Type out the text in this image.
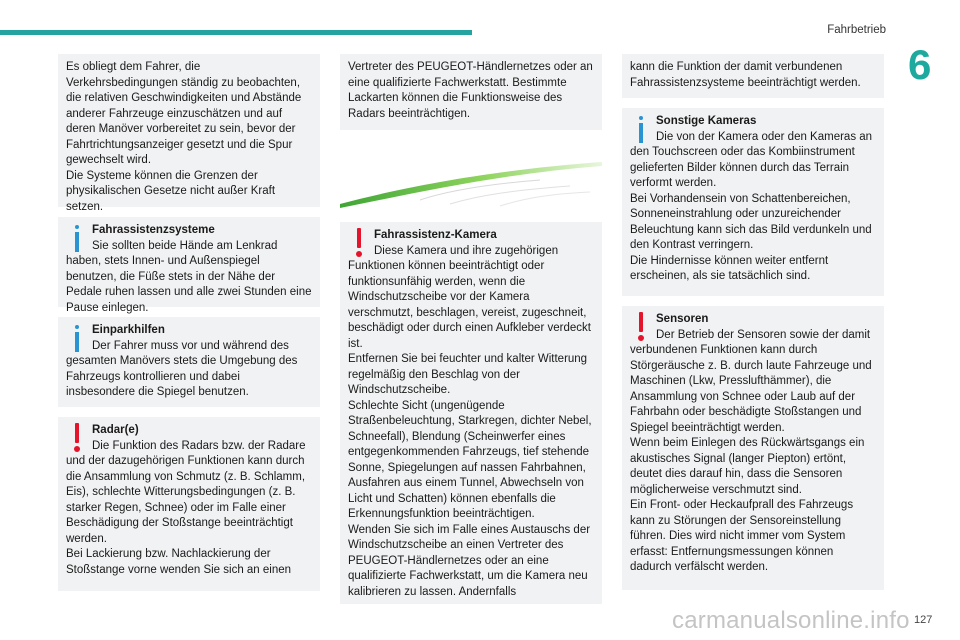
Fahrbetrieb
6

Es obliegt dem Fahrer, die Verkehrsbedingungen ständig zu beobachten, die relativen Geschwindigkeiten und Abstände anderer Fahrzeuge einzuschätzen und auf deren Manöver vorbereitet zu sein, bevor der Fahrtrichtungsanzeiger gesetzt und die Spur gewechselt wird.
Die Systeme können die Grenzen der physikalischen Gesetze nicht außer Kraft setzen.

Fahrassistenzsysteme
Sie sollten beide Hände am Lenkrad haben, stets Innen- und Außenspiegel benutzen, die Füße stets in der Nähe der Pedale ruhen lassen und alle zwei Stunden eine Pause einlegen.

Einparkhilfen
Der Fahrer muss vor und während des gesamten Manövers stets die Umgebung des Fahrzeugs kontrollieren und dabei insbesondere die Spiegel benutzen.

Radar(e)
Die Funktion des Radars bzw. der Radare und der dazugehörigen Funktionen kann durch die Ansammlung von Schmutz (z. B. Schlamm, Eis), schlechte Witterungsbedingungen (z. B. starker Regen, Schnee) oder im Falle einer Beschädigung der Stoßstange beeinträchtigt werden.
Bei Lackierung bzw. Nachlackierung der Stoßstange vorne wenden Sie sich an einen

Vertreter des PEUGEOT-Händlernetzes oder an eine qualifizierte Fachwerkstatt. Bestimmte Lackarten können die Funktionsweise des Radars beeinträchtigen.

Fahrassistenz-Kamera
Diese Kamera und ihre zugehörigen Funktionen können beeinträchtigt oder funktionsunfähig werden, wenn die Windschutzscheibe vor der Kamera verschmutzt, beschlagen, vereist, zugeschneit, beschädigt oder durch einen Aufkleber verdeckt ist.
Entfernen Sie bei feuchter und kalter Witterung regelmäßig den Beschlag von der Windschutzscheibe.
Schlechte Sicht (ungenügende Straßenbeleuchtung, Starkregen, dichter Nebel, Schneefall), Blendung (Scheinwerfer eines entgegenkommenden Fahrzeugs, tief stehende Sonne, Spiegelungen auf nassen Fahrbahnen, Ausfahren aus einem Tunnel, Abwechseln von Licht und Schatten) können ebenfalls die Erkennungsfunktion beeinträchtigen.
Wenden Sie sich im Falle eines Austauschs der Windschutzscheibe an einen Vertreter des PEUGEOT-Händlernetzes oder an eine qualifizierte Fachwerkstatt, um die Kamera neu kalibrieren zu lassen. Andernfalls

kann die Funktion der damit verbundenen Fahrassistenzsysteme beeinträchtigt werden.

Sonstige Kameras
Die von der Kamera oder den Kameras an den Touchscreen oder das Kombiinstrument gelieferten Bilder können durch das Terrain verformt werden.
Bei Vorhandensein von Schattenbereichen, Sonneneinstrahlung oder unzureichender Beleuchtung kann sich das Bild verdunkeln und den Kontrast verringern.
Die Hindernisse können weiter entfernt erscheinen, als sie tatsächlich sind.

Sensoren
Der Betrieb der Sensoren sowie der damit verbundenen Funktionen kann durch Störgeräusche z. B. durch laute Fahrzeuge und Maschinen (Lkw, Presslufthämmer), die Ansammlung von Schnee oder Laub auf der Fahrbahn oder beschädigte Stoßstangen und Spiegel beeinträchtigt werden.
Wenn beim Einlegen des Rückwärtsgangs ein akustisches Signal (langer Piepton) ertönt, deutet dies darauf hin, dass die Sensoren möglicherweise verschmutzt sind.
Ein Front- oder Heckaufprall des Fahrzeugs kann zu Störungen der Sensoreinstellung führen. Dies wird nicht immer vom System erfasst: Entfernungsmessungen können dadurch verfälscht werden.

carmanualsonline.info 127
